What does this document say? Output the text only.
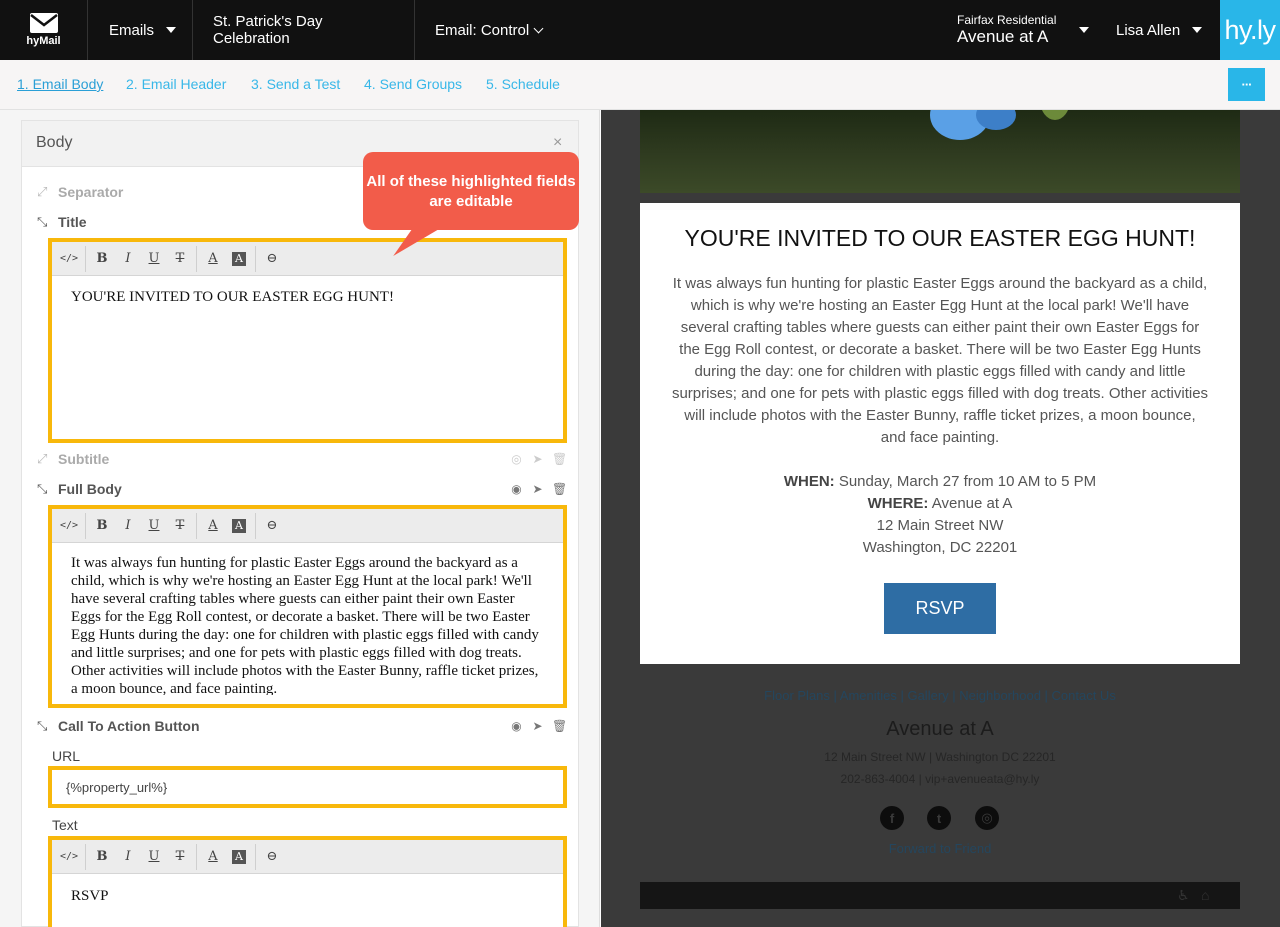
hyMail
Emails	St. Patrick's Day Celebration	Email: Control
Fairfax Residential
Avenue at A	Lisa Allen hy.ly
1. Email Body 2. Email Header 3. Send a Test 4. Send Groups 5. Schedule	···
Body	×
⤢ Separator
⤡ Title
</>	B	I	U	T	A	A	⊖
YOU'RE INVITED TO OUR EASTER EGG HUNT!
All of these highlighted fields are editable
⤢ Subtitle	◎ ➤ 🗑
⤡ Full Body	◉ ➤ 🗑
</>	B	I	U	T	A	A	⊖
It was always fun hunting for plastic Easter Eggs around the backyard as a child, which is why we're hosting an Easter Egg Hunt at the local park! We'll have several crafting tables where guests can either paint their own Easter Eggs for the Egg Roll contest, or decorate a basket. There will be two Easter Egg Hunts during the day: one for children with plastic eggs filled with candy and little surprises; and one for pets with plastic eggs filled with dog treats. Other activities will include photos with the Easter Bunny, raffle ticket prizes, a moon bounce, and face painting.
⤡ Call To Action Button	◉ ➤ 🗑
URL
{%property_url%}
Text
</>	B	I	U	T	A	A	⊖
RSVP
YOU'RE INVITED TO OUR EASTER EGG HUNT!
It was always fun hunting for plastic Easter Eggs around the backyard as a child, which is why we're hosting an Easter Egg Hunt at the local park! We'll have several crafting tables where guests can either paint their own Easter Eggs for the Egg Roll contest, or decorate a basket. There will be two Easter Egg Hunts during the day: one for children with plastic eggs filled with candy and little surprises; and one for pets with plastic eggs filled with dog treats. Other activities will include photos with the Easter Bunny, raffle ticket prizes, a moon bounce, and face painting.
WHEN: Sunday, March 27 from 10 AM to 5 PM
WHERE: Avenue at A
12 Main Street NW
Washington, DC 22201
RSVP
Floor Plans | Amenities | Gallery | Neighborhood | Contact Us
Avenue at A
12 Main Street NW | Washington DC 22201
202-863-4004 | vip+avenueata@hy.ly
f	t	◎
Forward to Friend
♿ ⌂
